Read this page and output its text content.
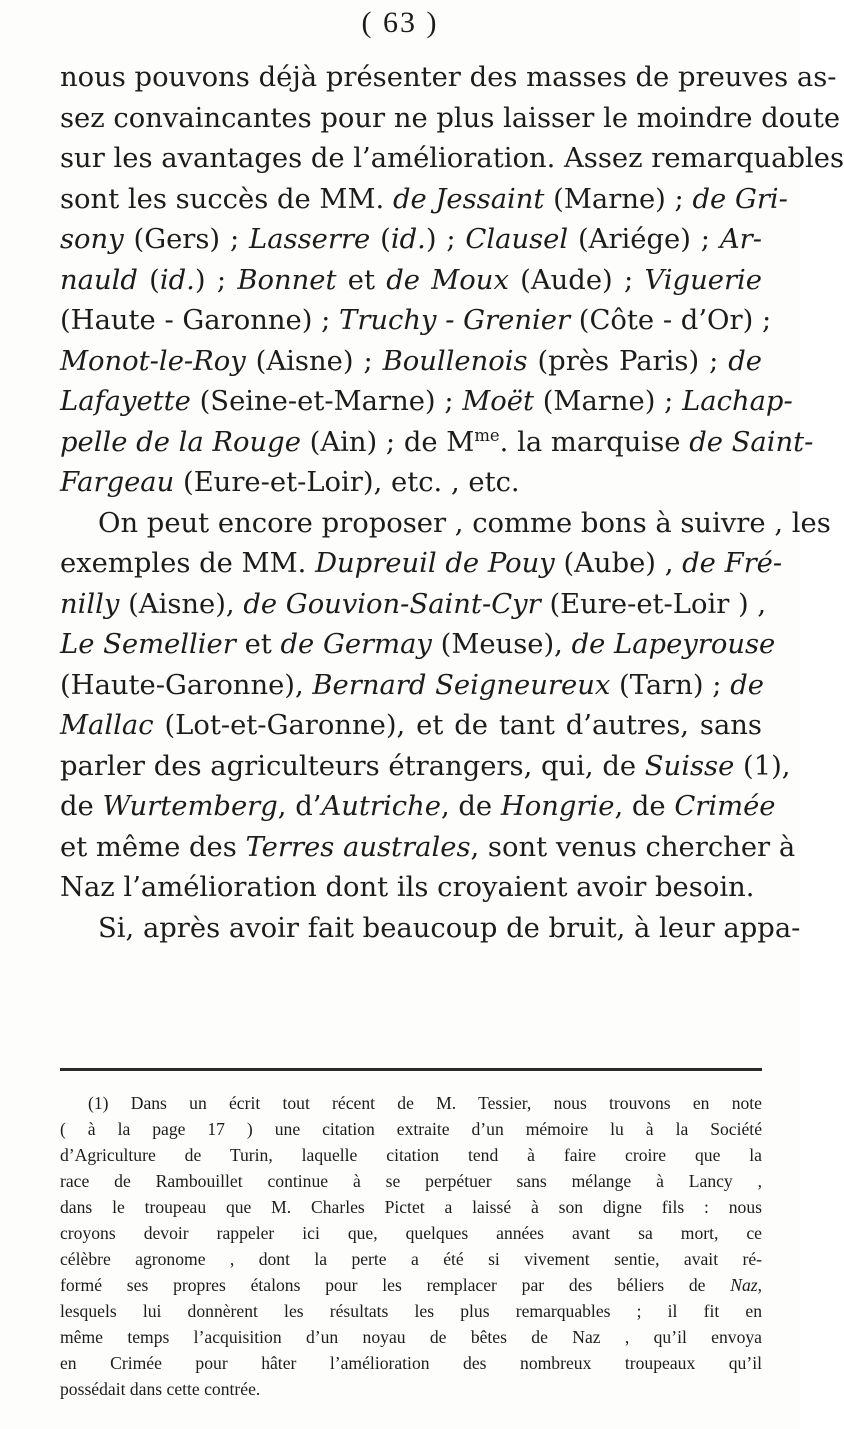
( 63 )
nous pouvons déjà présenter des masses de preuves as-
sez convaincantes pour ne plus laisser le moindre doute
sur les avantages de l’amélioration. Assez remarquables
sont les succès de MM. de Jessaint (Marne) ; de Gri-
sony (Gers) ; Lasserre (id.) ; Clausel (Ariége) ; Ar-
nauld (id.) ; Bonnet et de Moux (Aude) ; Viguerie
(Haute - Garonne) ; Truchy - Grenier (Côte - d’Or) ;
Monot-le-Roy (Aisne) ; Boullenois (près Paris) ; de
Lafayette (Seine-et-Marne) ; Moët (Marne) ; Lachap-
pelle de la Rouge (Ain) ; de $M^{me}$. la marquise de Saint-
Fargeau (Eure-et-Loir), etc. , etc.
On peut encore proposer , comme bons à suivre , les
exemples de MM. Dupreuil de Pouy (Aube) , de Fré-
nilly (Aisne), de Gouvion-Saint-Cyr (Eure-et-Loir ) ,
Le Semellier et de Germay (Meuse), de Lapeyrouse
(Haute-Garonne), Bernard Seigneureux (Tarn) ; de
Mallac (Lot-et-Garonne), et de tant d’autres, sans
parler des agriculteurs étrangers, qui, de Suisse (1),
de Wurtemberg, d’Autriche, de Hongrie, de Crimée
et même des Terres australes, sont venus chercher à
Naz l’amélioration dont ils croyaient avoir besoin.
Si, après avoir fait beaucoup de bruit, à leur appa-
(1) Dans un écrit tout récent de M. Tessier, nous trouvons en note
( à la page 17 ) une citation extraite d’un mémoire lu à la Société
d’Agriculture de Turin, laquelle citation tend à faire croire que la
race de Rambouillet continue à se perpétuer sans mélange à Lancy ,
dans le troupeau que M. Charles Pictet a laissé à son digne fils : nous
croyons devoir rappeler ici que, quelques années avant sa mort, ce
célèbre agronome , dont la perte a été si vivement sentie, avait ré-
formé ses propres étalons pour les remplacer par des béliers de Naz,
lesquels lui donnèrent les résultats les plus remarquables ; il fit en
même temps l’acquisition d’un noyau de bêtes de Naz , qu’il envoya
en Crimée pour hâter l’amélioration des nombreux troupeaux qu’il
possédait dans cette contrée.
